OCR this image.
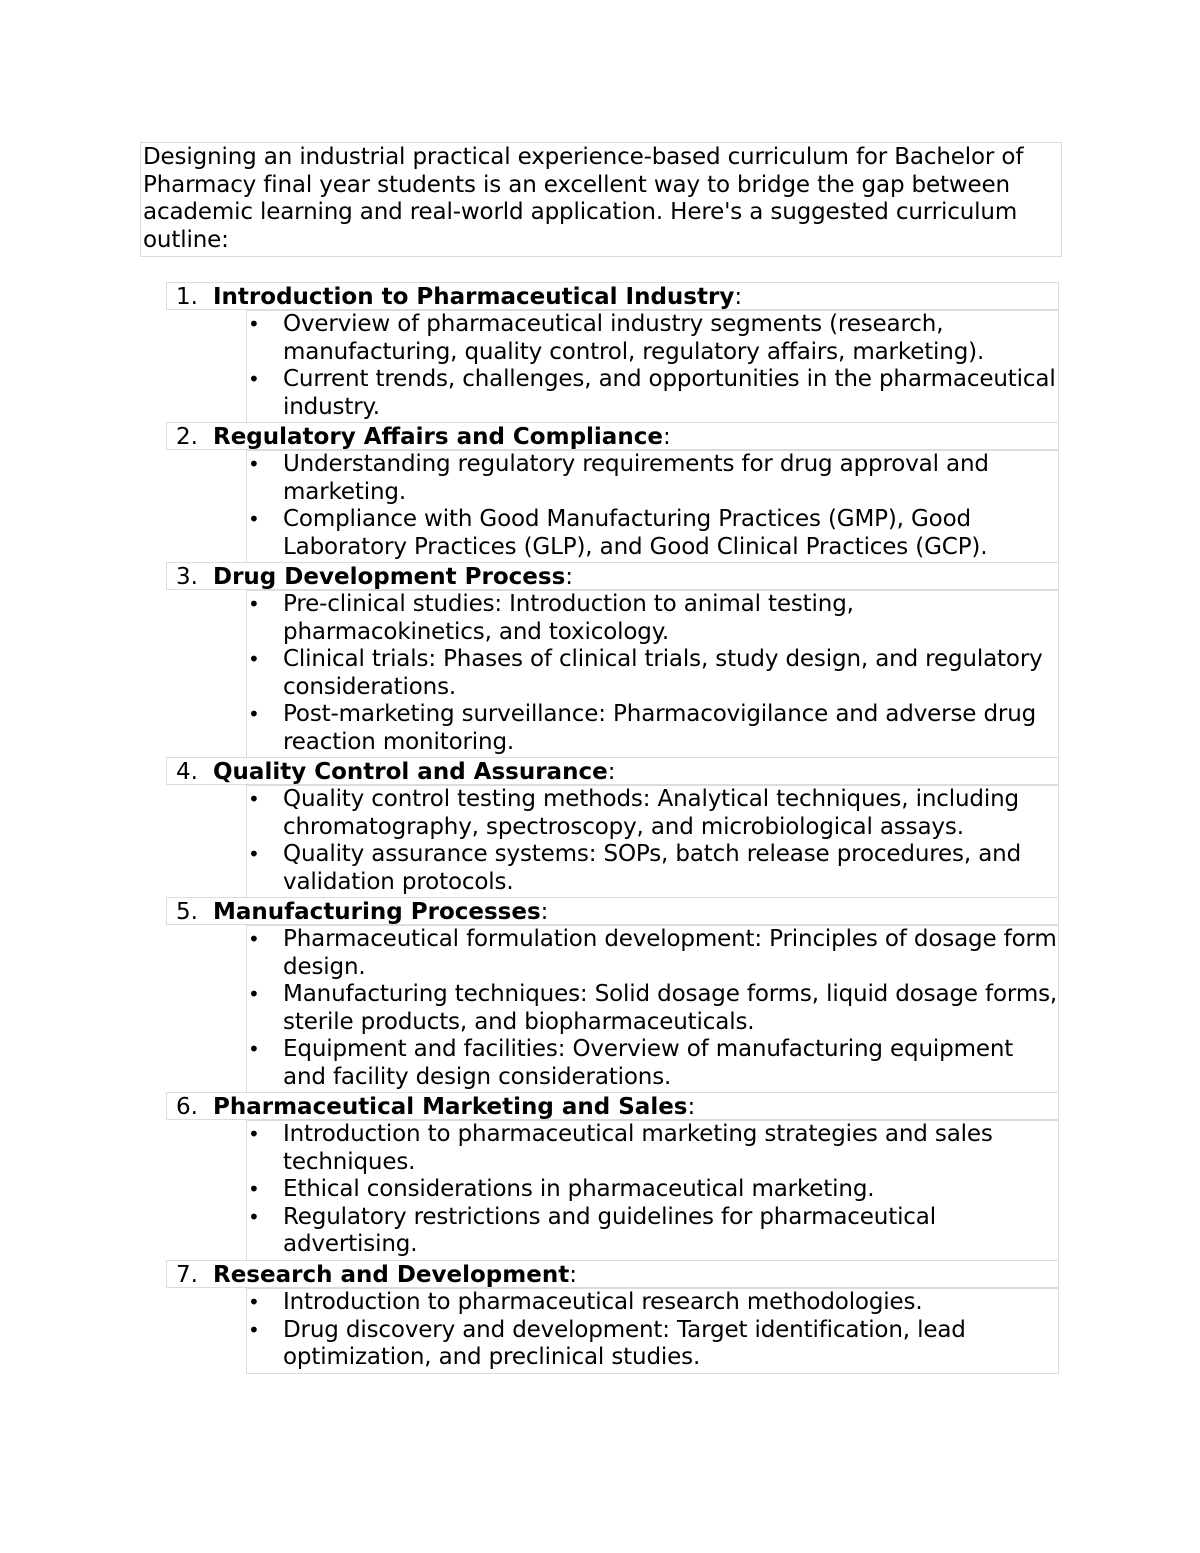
Designing an industrial practical experience-based curriculum for Bachelor of Pharmacy final year students is an excellent way to bridge the gap between academic learning and real-world application. Here's a suggested curriculum outline:
1. Introduction to Pharmaceutical Industry:
• Overview of pharmaceutical industry segments (research, manufacturing, quality control, regulatory affairs, marketing).
• Current trends, challenges, and opportunities in the pharmaceutical industry.
2. Regulatory Affairs and Compliance:
• Understanding regulatory requirements for drug approval and marketing.
• Compliance with Good Manufacturing Practices (GMP), Good Laboratory Practices (GLP), and Good Clinical Practices (GCP).
3. Drug Development Process:
• Pre-clinical studies: Introduction to animal testing, pharmacokinetics, and toxicology.
• Clinical trials: Phases of clinical trials, study design, and regulatory considerations.
• Post-marketing surveillance: Pharmacovigilance and adverse drug reaction monitoring.
4. Quality Control and Assurance:
• Quality control testing methods: Analytical techniques, including chromatography, spectroscopy, and microbiological assays.
• Quality assurance systems: SOPs, batch release procedures, and validation protocols.
5. Manufacturing Processes:
• Pharmaceutical formulation development: Principles of dosage form design.
• Manufacturing techniques: Solid dosage forms, liquid dosage forms, sterile products, and biopharmaceuticals.
• Equipment and facilities: Overview of manufacturing equipment and facility design considerations.
6. Pharmaceutical Marketing and Sales:
• Introduction to pharmaceutical marketing strategies and sales techniques.
• Ethical considerations in pharmaceutical marketing.
• Regulatory restrictions and guidelines for pharmaceutical advertising.
7. Research and Development:
• Introduction to pharmaceutical research methodologies.
• Drug discovery and development: Target identification, lead optimization, and preclinical studies.
